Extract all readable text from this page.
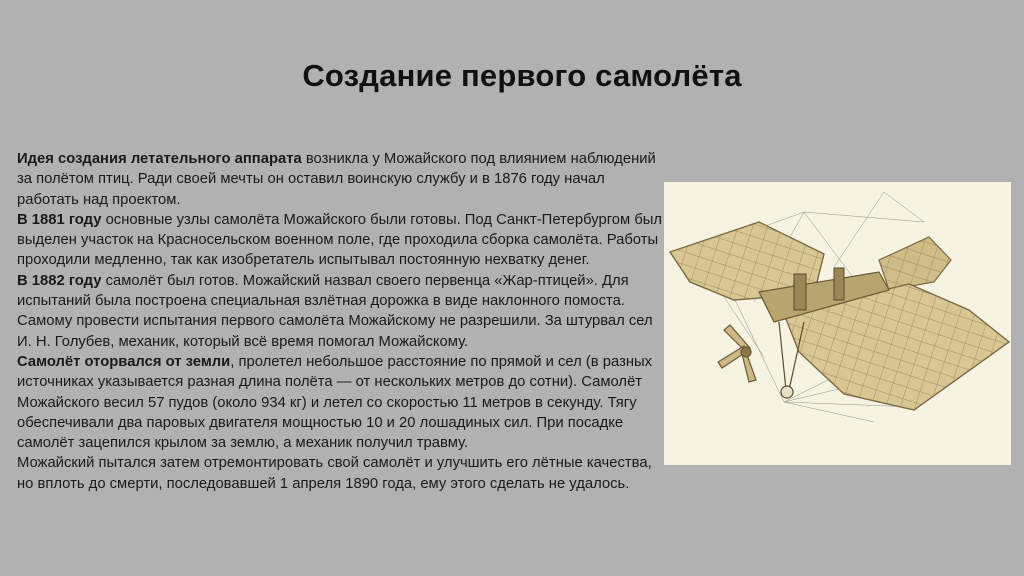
Создание первого самолёта

Идея создания летательного аппарата возникла у Можайского под влиянием наблюдений за полётом птиц. Ради своей мечты он оставил воинскую службу и в 1876 году начал работать над проектом.

В 1881 году основные узлы самолёта Можайского были готовы. Под Санкт-Петербургом был выделен участок на Красносельском военном поле, где проходила сборка самолёта. Работы проходили медленно, так как изобретатель испытывал постоянную нехватку денег.

В 1882 году самолёт был готов. Можайский назвал своего первенца «Жар-птицей». Для испытаний была построена специальная взлётная дорожка в виде наклонного помоста. Самому провести испытания первого самолёта Можайскому не разрешили. За штурвал сел И. Н. Голубев, механик, который всё время помогал Можайскому.

Самолёт оторвался от земли, пролетел небольшое расстояние по прямой и сел (в разных источниках указывается разная длина полёта — от нескольких метров до сотни). Самолёт Можайского весил 57 пудов (около 934 кг) и летел со скоростью 11 метров в секунду. Тягу обеспечивали два паровых двигателя мощностью 10 и 20 лошадиных сил. При посадке самолёт зацепился крылом за землю, а механик получил травму.

Можайский пытался затем отремонтировать свой самолёт и улучшить его лётные качества, но вплоть до смерти, последовавшей 1 апреля 1890 года, ему этого сделать не удалось.
